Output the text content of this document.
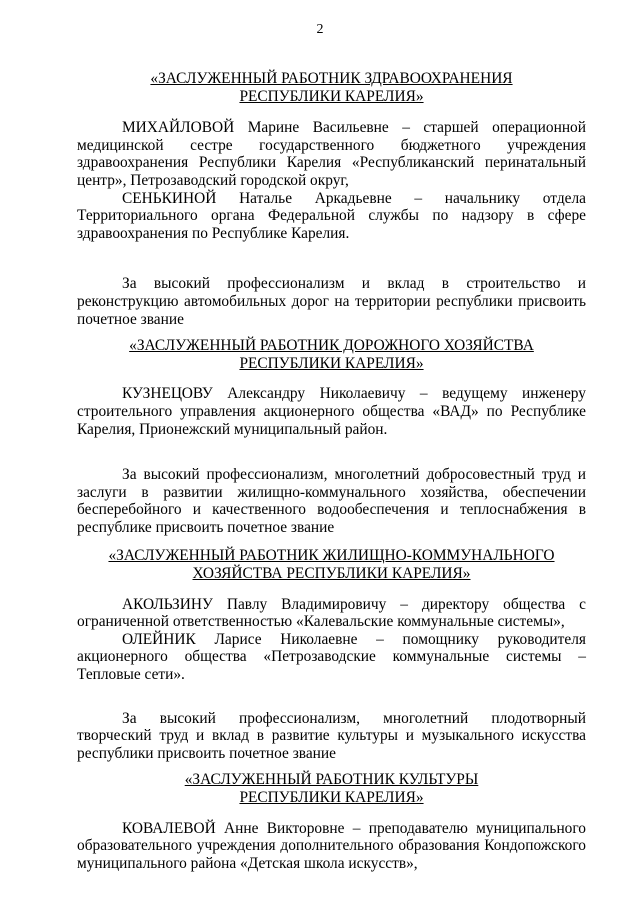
2
«ЗАСЛУЖЕННЫЙ РАБОТНИК ЗДРАВООХРАНЕНИЯ
РЕСПУБЛИКИ КАРЕЛИЯ»

МИХАЙЛОВОЙ Марине Васильевне – старшей операционной медицинской сестре государственного бюджетного учреждения здравоохранения Республики Карелия «Республиканский перинатальный центр», Петрозаводский городской округ,

СЕНЬКИНОЙ Наталье Аркадьевне – начальнику отдела Территориального органа Федеральной службы по надзору в сфере здравоохранения по Республике Карелия.

За высокий профессионализм и вклад в строительство и реконструкцию автомобильных дорог на территории республики присвоить почетное звание

«ЗАСЛУЖЕННЫЙ РАБОТНИК ДОРОЖНОГО ХОЗЯЙСТВА
РЕСПУБЛИКИ КАРЕЛИЯ»

КУЗНЕЦОВУ Александру Николаевичу – ведущему инженеру строительного управления акционерного общества «ВАД» по Республике Карелия, Прионежский муниципальный район.

За высокий профессионализм, многолетний добросовестный труд и заслуги в развитии жилищно-коммунального хозяйства, обеспечении бесперебойного и качественного водообеспечения и теплоснабжения в республике присвоить почетное звание

«ЗАСЛУЖЕННЫЙ РАБОТНИК ЖИЛИЩНО-КОММУНАЛЬНОГО
ХОЗЯЙСТВА РЕСПУБЛИКИ КАРЕЛИЯ»

АКОЛЬЗИНУ Павлу Владимировичу – директору общества с ограниченной ответственностью «Калевальские коммунальные системы»,

ОЛЕЙНИК Ларисе Николаевне – помощнику руководителя акционерного общества «Петрозаводские коммунальные системы – Тепловые сети».

За высокий профессионализм, многолетний плодотворный творческий труд и вклад в развитие культуры и музыкального искусства республики присвоить почетное звание

«ЗАСЛУЖЕННЫЙ РАБОТНИК КУЛЬТУРЫ
РЕСПУБЛИКИ КАРЕЛИЯ»

КОВАЛЕВОЙ Анне Викторовне – преподавателю муниципального образовательного учреждения дополнительного образования Кондопожского муниципального района «Детская школа искусств»,
